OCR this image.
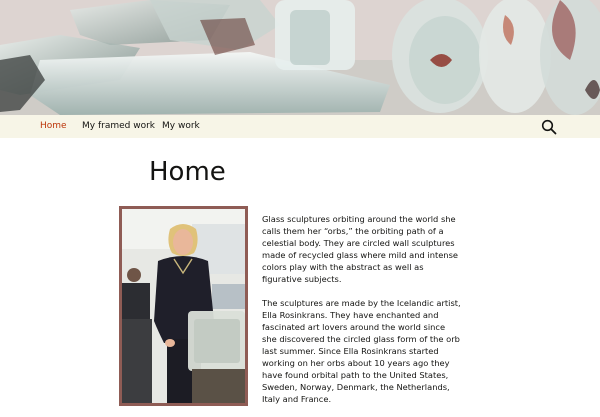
Home My framed work My work
Home

Glass sculptures orbiting around the world she calls them her “orbs,” the orbiting path of a celestial body. They are circled wall sculptures made of recycled glass where mild and intense colors play with the abstract as well as figurative subjects.

The sculptures are made by the Icelandic artist, Ella Rosinkrans. They have enchanted and fascinated art lovers around the world since she discovered the circled glass form of the orb last summer. Since Ella Rosinkrans started working on her orbs about 10 years ago they have found orbital path to the United States, Sweden, Norway, Denmark, the Netherlands, Italy and France.
